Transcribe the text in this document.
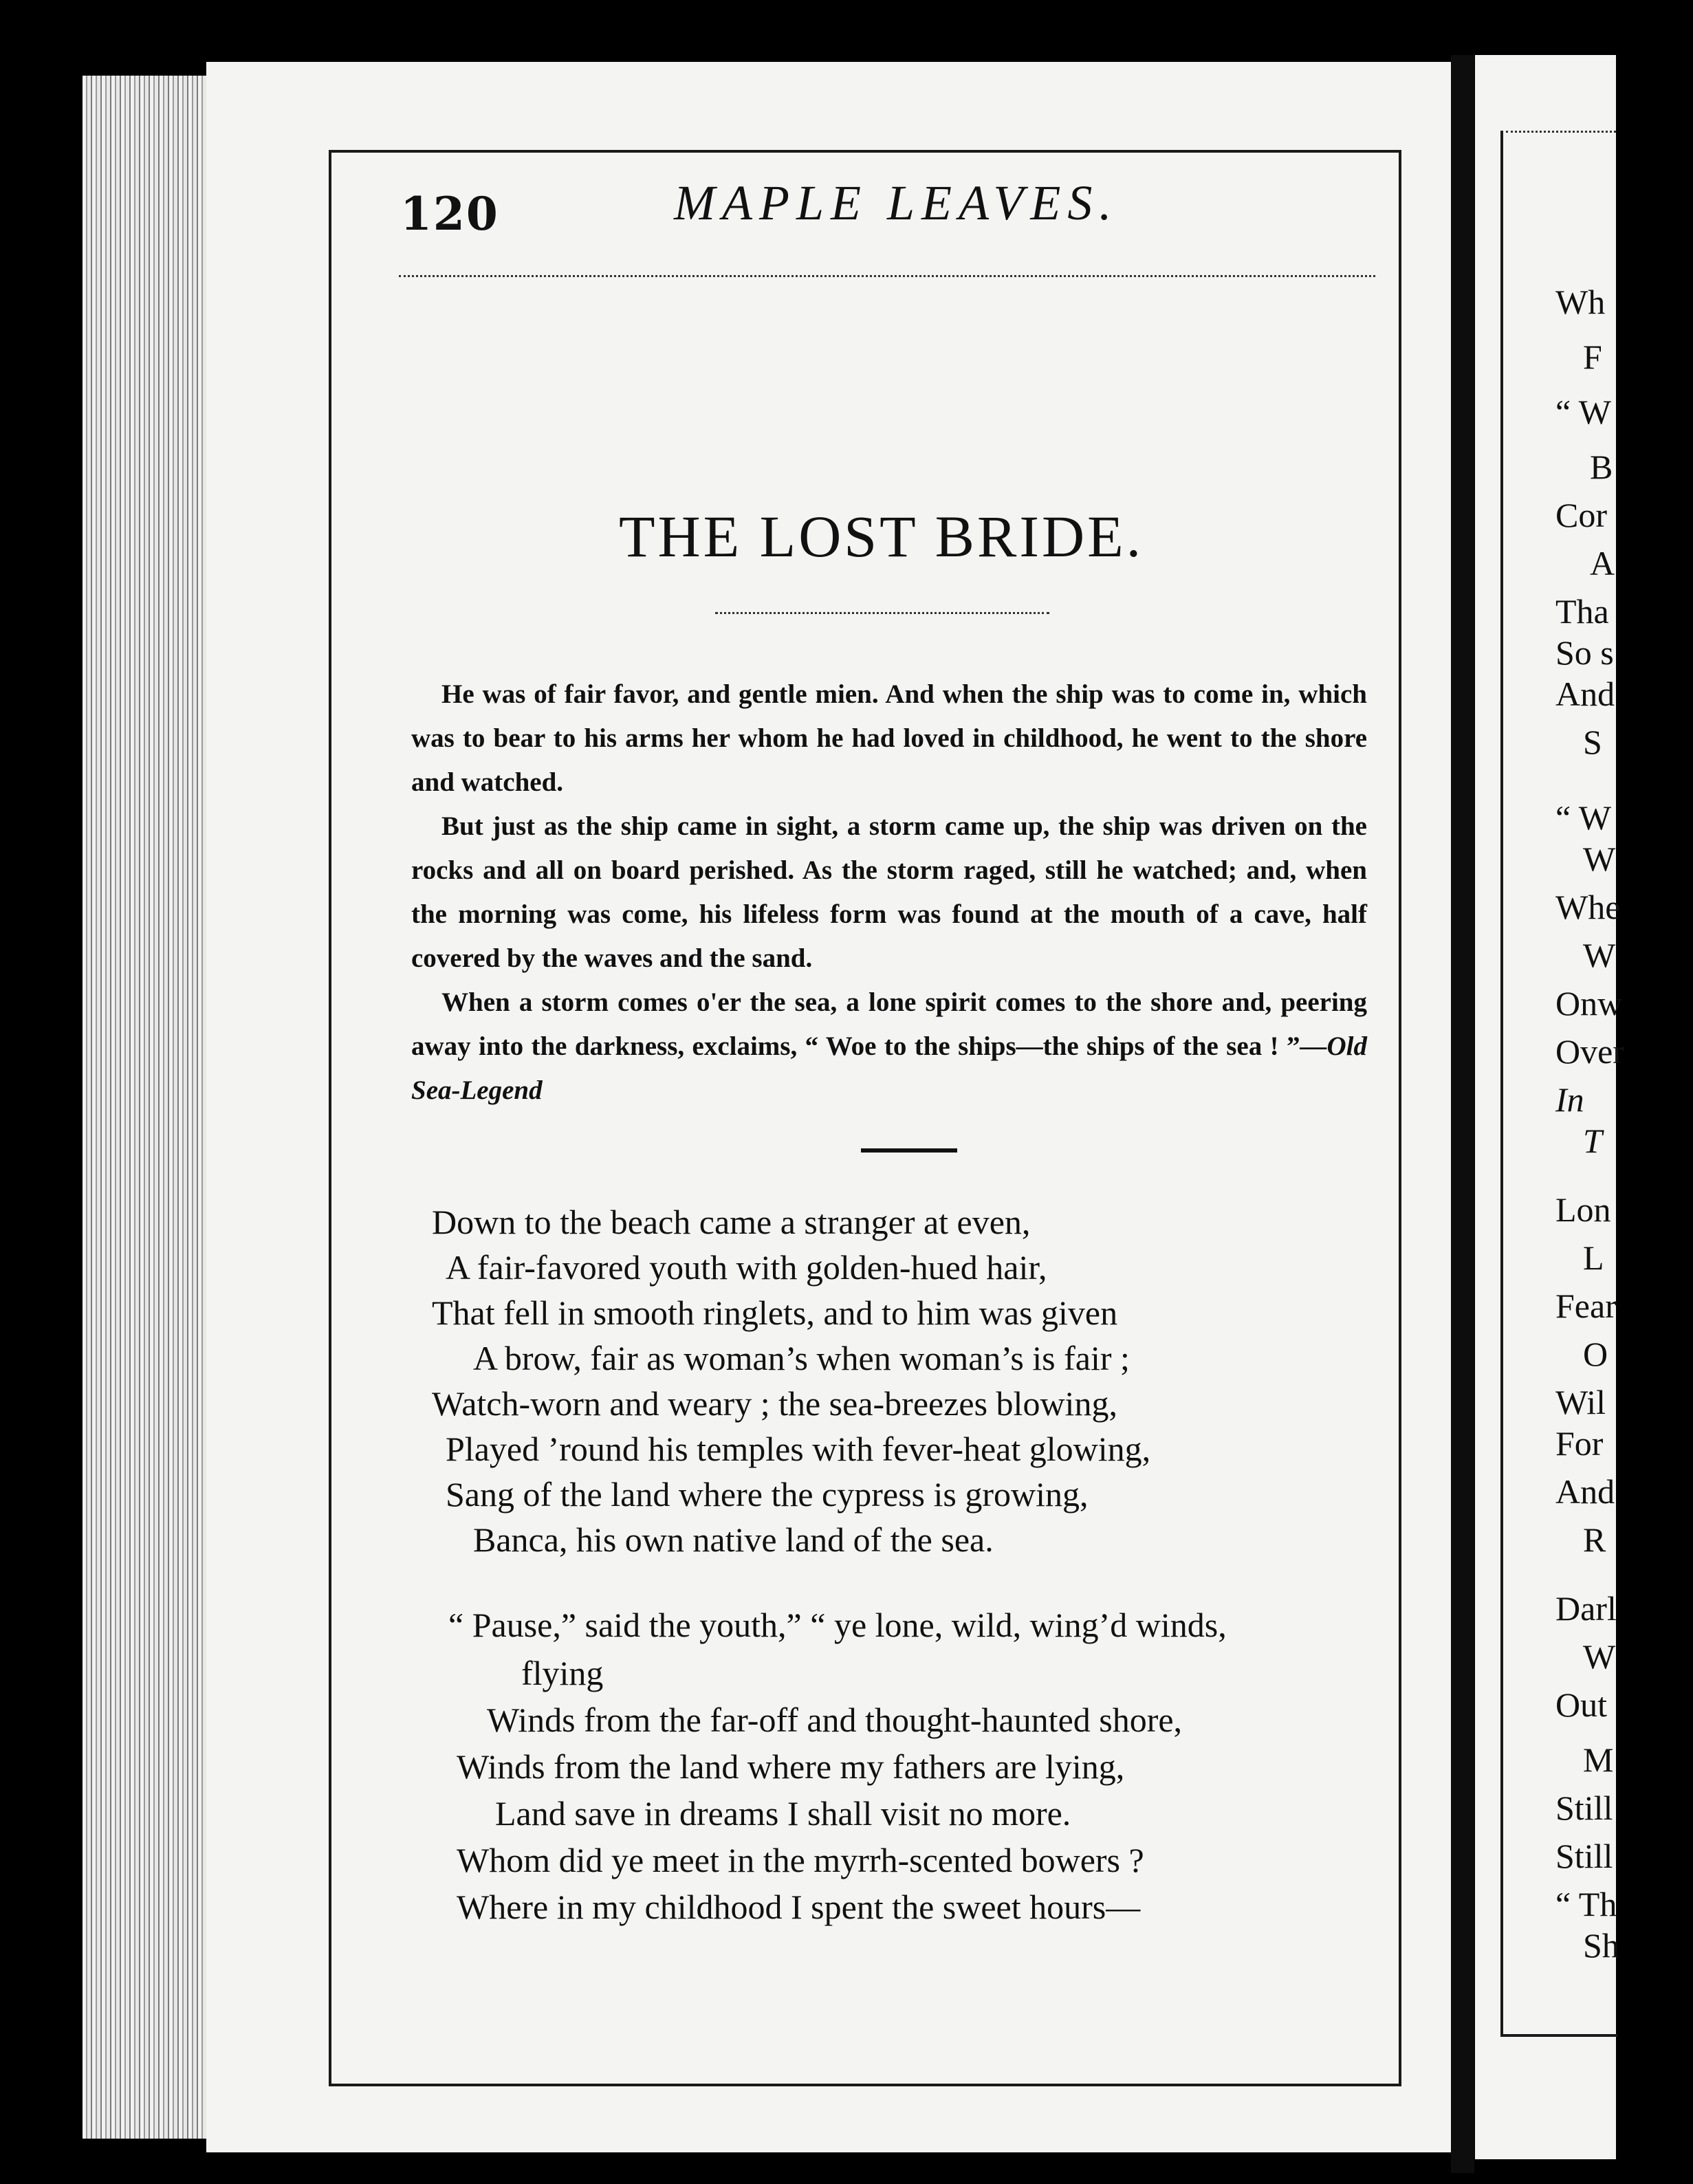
120	MAPLE LEAVES.
THE LOST BRIDE.

He was of fair favor, and gentle mien. And when the ship was to come in, which was to bear to his arms her whom he had loved in childhood, he went to the shore and watched.

But just as the ship came in sight, a storm came up, the ship was driven on the rocks and all on board perished. As the storm raged, still he watched; and, when the morning was come, his lifeless form was found at the mouth of a cave, half covered by the waves and the sand.

When a storm comes o'er the sea, a lone spirit comes to the shore and, peering away into the darkness, exclaims, “ Woe to the ships—the ships of the sea ! ”—Old Sea-Legend

Down to the beach came a stranger at even,
A fair-favored youth with golden-hued hair,
That fell in smooth ringlets, and to him was given
A brow, fair as woman’s when woman’s is fair ;
Watch-worn and weary ; the sea-breezes blowing,
Played ’round his temples with fever-heat glowing,
Sang of the land where the cypress is growing,
Banca, his own native land of the sea.
“ Pause,” said the youth,” “ ye lone, wild, wing’d winds,
flying
Winds from the far-off and thought-haunted shore,
Winds from the land where my fathers are lying,
Land save in dreams I shall visit no more.
Whom did ye meet in the myrrh-scented bowers ?
Where in my childhood I spent the sweet hours—
Wh
F
“ W
B
Cor
A
Tha
So s
And
S
“ W
W
Whe
W
Onw
Over
In
T
Lon
L
Fear
O
Wil
For
And
R
Darl
W
Out
M
Still
Still
“ Th
Sh
